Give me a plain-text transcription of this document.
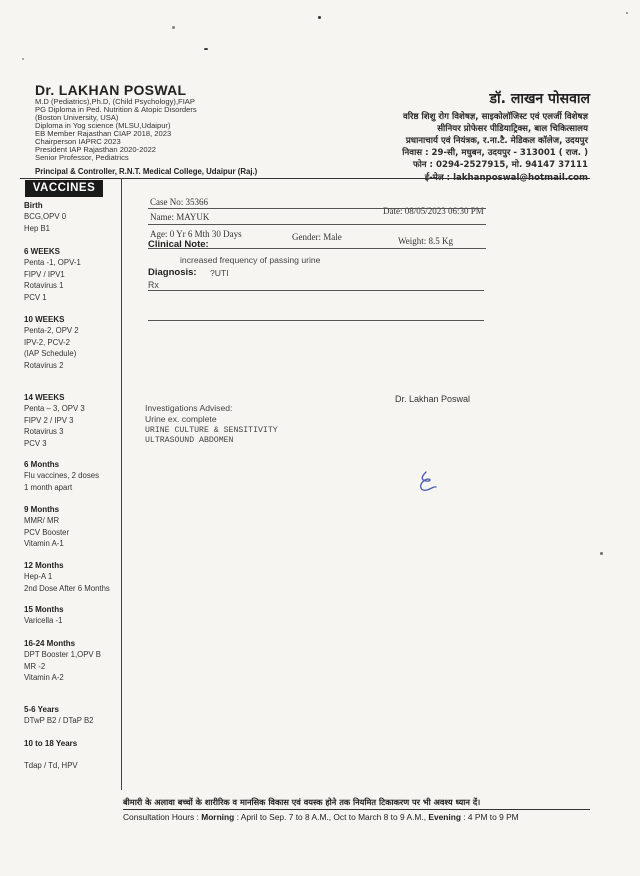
Dr. LAKHAN POSWAL
M.D (Pediatrics),Ph.D, (Child Psychology),FIAP
PG Diploma in Ped. Nutrition & Atopic Disorders
(Boston University, USA)
Diploma in Yog science (MLSU,Udaipur)
EB Member Rajasthan CIAP 2018, 2023
Chairperson IAPRC 2023
President IAP Rajasthan 2020-2022
Senior Professor, Pediatrics
Principal & Controller, R.N.T. Medical College, Udaipur (Raj.)
डॉ. लाखन पोसवाल
वरिष्ठ शिशु रोग विशेषज्ञ, साइकोलॉजिस्ट एवं एलर्जी विशेषज्ञ
सीनियर प्रोफेसर पीडियाट्रिक्स, बाल चिकित्सालय
प्रधानाचार्य एवं नियंत्रक, र.ना.टै. मेडिकल कॉलेज, उदयपुर
निवास : 29-सी, मधुबन, उदयपुर - 313001 ( राज. )
फोन : 0294-2527915, मो. 94147 37111
ई-मेल : lakhanposwal@hotmail.com
VACCINES
Birth
BCG,OPV 0
Hep B1
6 WEEKS
Penta -1, OPV-1
FIPV / IPV1
Rotavirus 1
PCV 1
10 WEEKS
Penta-2, OPV 2
IPV-2, PCV-2
(IAP Schedule)
Rotavirus 2
14 WEEKS
Penta – 3, OPV 3
FIPV 2 / IPV 3
Rotavirus 3
PCV 3
6 Months
Flu vaccines, 2 doses
1 month apart
9 Months
MMR/ MR
PCV Booster
Vitamin A-1
12 Months
Hep-A 1
2nd Dose After 6 Months
15 Months
Varicella -1
16-24 Months
DPT Booster 1,OPV B
MR -2
Vitamin A-2
5-6 Years
DTwP B2 / DTaP B2
10 to 18 Years
Tdap / Td, HPV
Case No: 35366
Date: 08/05/2023 06:30 PM
Name: MAYUK
Age: 0 Yr 6 Mth 30 Days	Gender: Male	Weight: 8.5 Kg
Clinical Note:
increased frequency of passing urine
Diagnosis: ?UTI
Rx
Dr. Lakhan Poswal
Investigations Advised:
Urine ex. complete
URINE CULTURE & SENSITIVITY
ULTRASOUND ABDOMEN
बीमारी के अलावा बच्चों के शारीरिक व मानसिक विकास एवं वयस्क होने तक नियमित टिकाकरण पर भी अवश्य ध्यान दें।
Consultation Hours : Morning : April to Sep. 7 to 8 A.M., Oct to March 8 to 9 A.M., Evening : 4 PM to 9 PM
